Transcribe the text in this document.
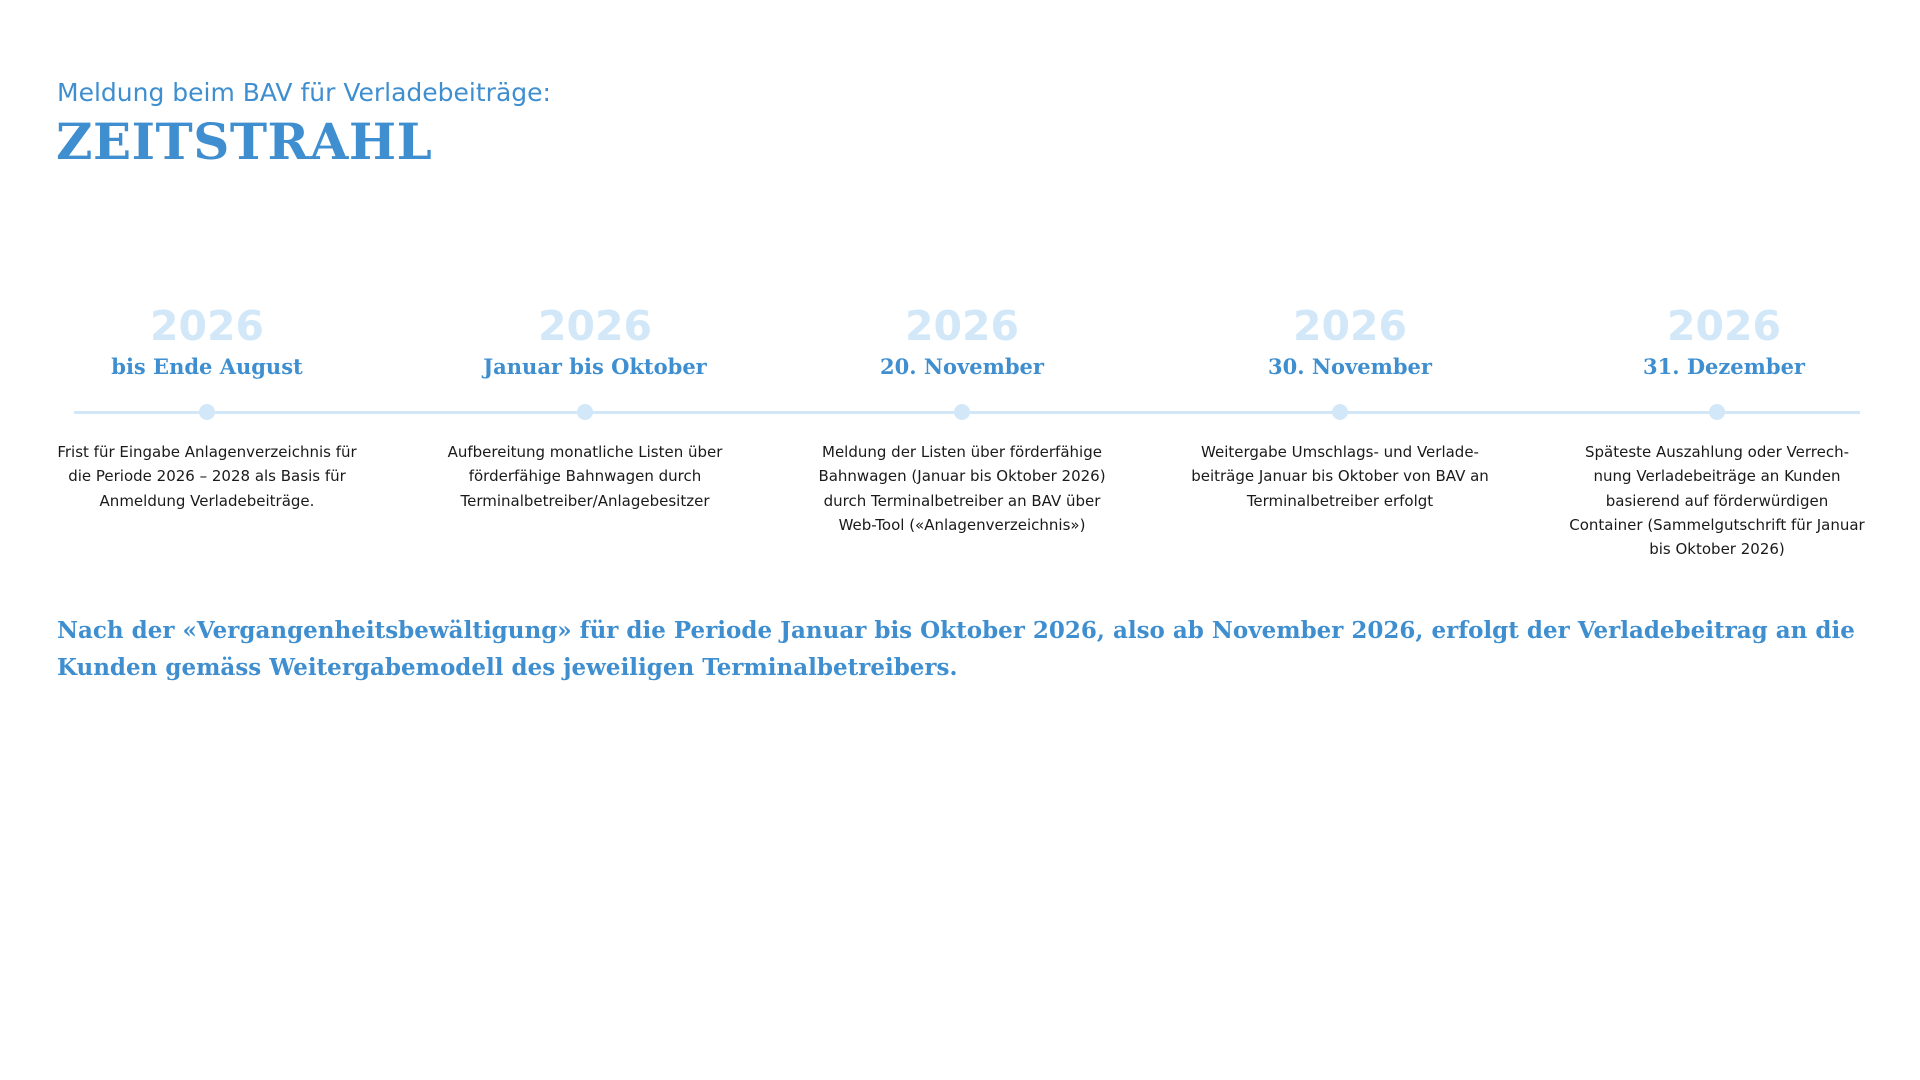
Meldung beim BAV für Verladebeiträge:
ZEITSTRAHL
2026
bis Ende August
Frist für Eingabe Anlagenverzeichnis für die Periode 2026 – 2028 als Basis für Anmeldung Verladebeiträge.
2026
Januar bis Oktober
Aufbereitung monatliche Listen über förderfähige Bahnwagen durch Terminalbetreiber/Anlagebesitzer
2026
20. November
Meldung der Listen über förderfähige Bahnwagen (Januar bis Oktober 2026) durch Terminalbetreiber an BAV über Web-Tool («Anlagenverzeichnis»)
2026
30. November
Weitergabe Umschlags- und Verlade-beiträge Januar bis Oktober von BAV an Terminalbetreiber erfolgt
2026
31. Dezember
Späteste Auszahlung oder Verrech-nung Verladebeiträge an Kunden basierend auf förderwürdigen Container (Sammelgutschrift für Januar bis Oktober 2026)
Nach der «Vergangenheitsbewältigung» für die Periode Januar bis Oktober 2026, also ab November 2026, erfolgt der Verladebeitrag an die Kunden gemäss Weitergabemodell des jeweiligen Terminalbetreibers.
